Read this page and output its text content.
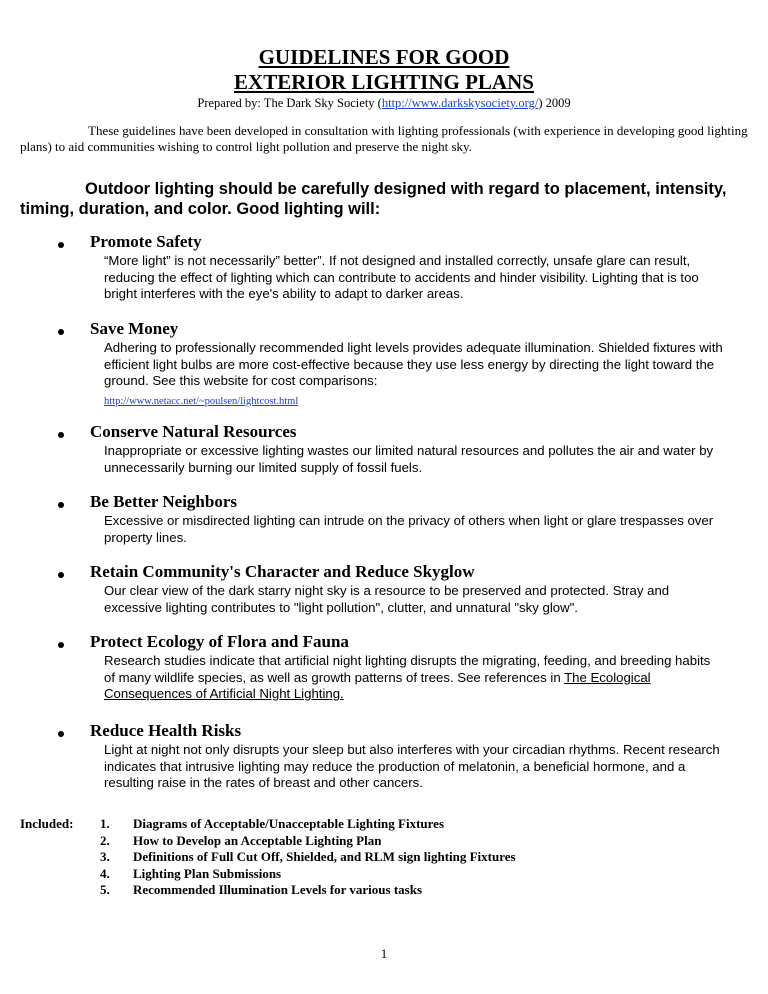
GUIDELINES FOR GOOD
EXTERIOR LIGHTING PLANS
Prepared by: The Dark Sky Society (http://www.darkskysociety.org/) 2009
These guidelines have been developed in consultation with lighting professionals (with experience in developing good lighting plans) to aid communities wishing to control light pollution and preserve the night sky.
Outdoor lighting should be carefully designed with regard to placement, intensity, timing, duration, and color. Good lighting will:
Promote Safety
“More light” is not necessarily” better”. If not designed and installed correctly, unsafe glare can result, reducing the effect of lighting which can contribute to accidents and hinder visibility. Lighting that is too bright interferes with the eye's ability to adapt to darker areas.
Save Money
Adhering to professionally recommended light levels provides adequate illumination. Shielded fixtures with efficient light bulbs are more cost-effective because they use less energy by directing the light toward the ground. See this website for cost comparisons:
http://www.netacc.net/~poulsen/lightcost.html
Conserve Natural Resources
Inappropriate or excessive lighting wastes our limited natural resources and pollutes the air and water by unnecessarily burning our limited supply of fossil fuels.
Be Better Neighbors
Excessive or misdirected lighting can intrude on the privacy of others when light or glare trespasses over property lines.
Retain Community's Character and Reduce Skyglow
Our clear view of the dark starry night sky is a resource to be preserved and protected. Stray and excessive lighting contributes to "light pollution", clutter, and unnatural "sky glow".
Protect Ecology of Flora and Fauna
Research studies indicate that artificial night lighting disrupts the migrating, feeding, and breeding habits of many wildlife species, as well as growth patterns of trees. See references in The Ecological Consequences of Artificial Night Lighting.
Reduce Health Risks
Light at night not only disrupts your sleep but also interferes with your circadian rhythms. Recent research indicates that intrusive lighting may reduce the production of melatonin, a beneficial hormone, and a resulting raise in the rates of breast and other cancers.
Included: 1. Diagrams of Acceptable/Unacceptable Lighting Fixtures
2. How to Develop an Acceptable Lighting Plan
3. Definitions of Full Cut Off, Shielded, and RLM sign lighting Fixtures
4. Lighting Plan Submissions
5. Recommended Illumination Levels for various tasks
1
